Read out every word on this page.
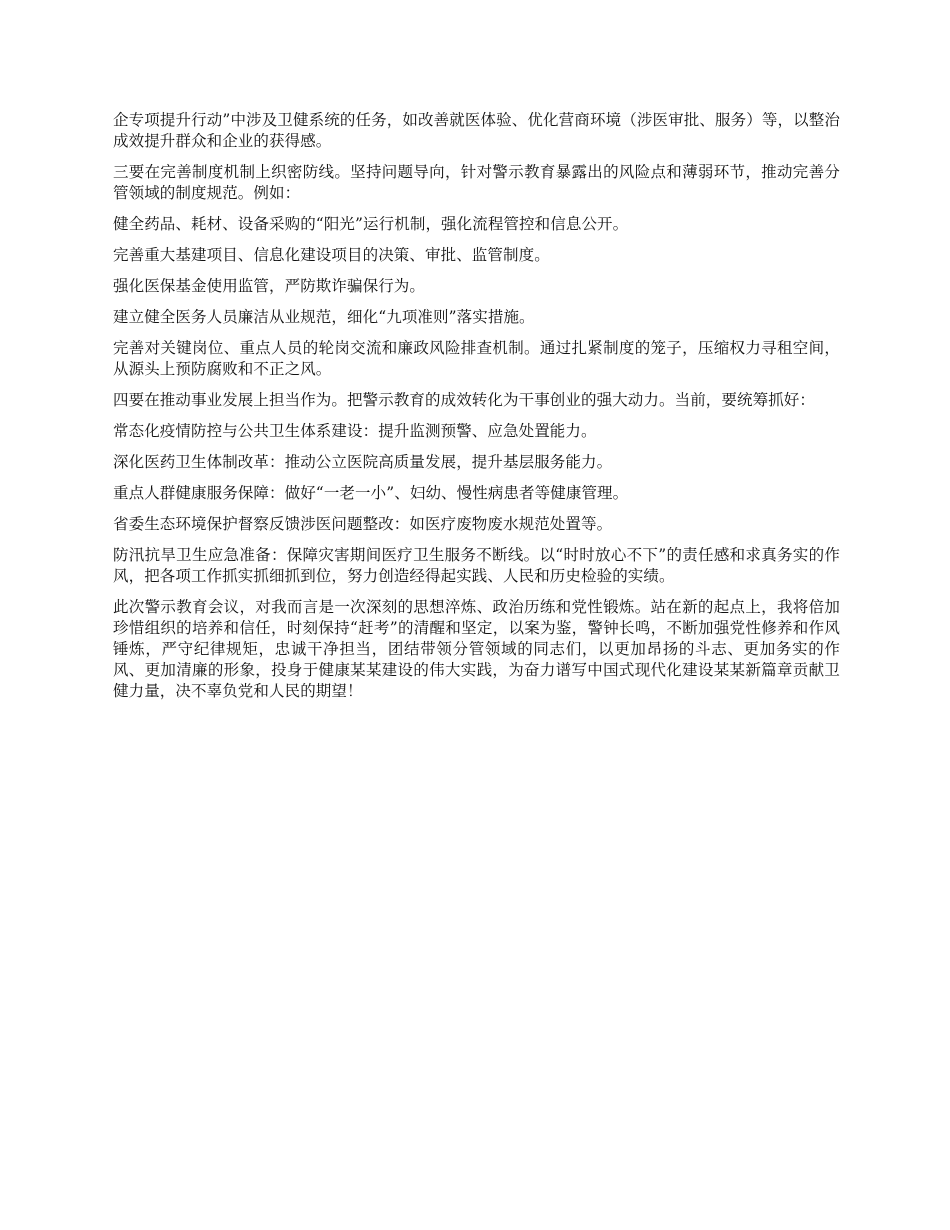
企专项提升行动”中涉及卫健系统的任务，如改善就医体验、优化营商环境（涉医审批、服务）等，以整治成效提升群众和企业的获得感。

三要在完善制度机制上织密防线。坚持问题导向，针对警示教育暴露出的风险点和薄弱环节，推动完善分管领域的制度规范。例如：

健全药品、耗材、设备采购的“阳光”运行机制，强化流程管控和信息公开。

完善重大基建项目、信息化建设项目的决策、审批、监管制度。

强化医保基金使用监管，严防欺诈骗保行为。

建立健全医务人员廉洁从业规范，细化“九项准则”落实措施。

完善对关键岗位、重点人员的轮岗交流和廉政风险排查机制。通过扎紧制度的笼子，压缩权力寻租空间，从源头上预防腐败和不正之风。

四要在推动事业发展上担当作为。把警示教育的成效转化为干事创业的强大动力。当前，要统筹抓好：

常态化疫情防控与公共卫生体系建设：提升监测预警、应急处置能力。

深化医药卫生体制改革：推动公立医院高质量发展，提升基层服务能力。

重点人群健康服务保障：做好“一老一小”、妇幼、慢性病患者等健康管理。

省委生态环境保护督察反馈涉医问题整改：如医疗废物废水规范处置等。

防汛抗旱卫生应急准备：保障灾害期间医疗卫生服务不断线。以“时时放心不下”的责任感和求真务实的作风，把各项工作抓实抓细抓到位，努力创造经得起实践、人民和历史检验的实绩。

此次警示教育会议，对我而言是一次深刻的思想淬炼、政治历练和党性锻炼。站在新的起点上，我将倍加珍惜组织的培养和信任，时刻保持“赶考”的清醒和坚定，以案为鉴，警钟长鸣，不断加强党性修养和作风锤炼，严守纪律规矩，忠诚干净担当，团结带领分管领域的同志们，以更加昂扬的斗志、更加务实的作风、更加清廉的形象，投身于健康某某建设的伟大实践，为奋力谱写中国式现代化建设某某新篇章贡献卫健力量，决不辜负党和人民的期望！
